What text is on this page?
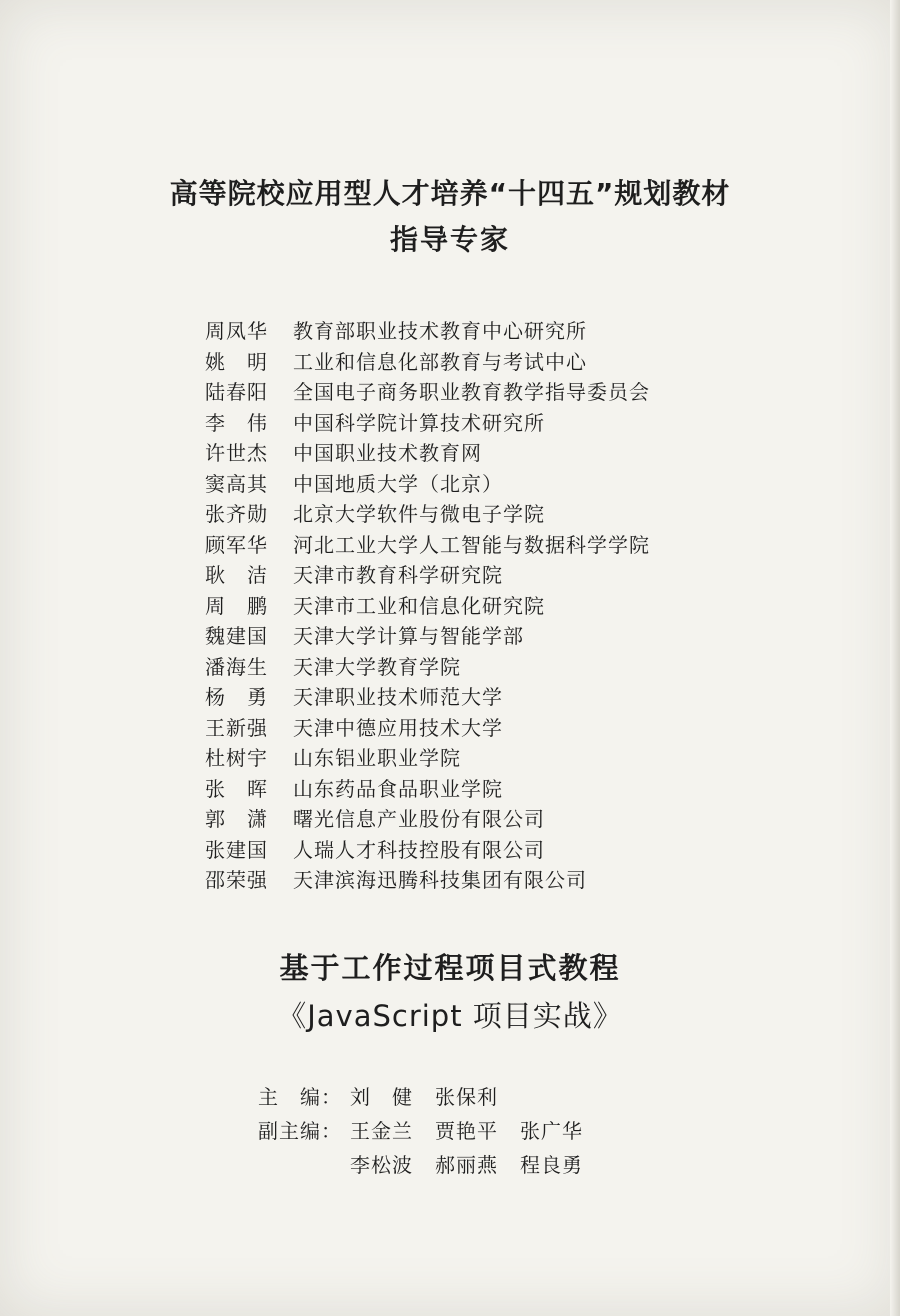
高等院校应用型人才培养“十四五”规划教材

指导专家

周凤华	教育部职业技术教育中心研究所
姚　明	工业和信息化部教育与考试中心
陆春阳	全国电子商务职业教育教学指导委员会
李　伟	中国科学院计算技术研究所
许世杰	中国职业技术教育网
窦高其	中国地质大学（北京）
张齐勋	北京大学软件与微电子学院
顾军华	河北工业大学人工智能与数据科学学院
耿　洁	天津市教育科学研究院
周　鹏	天津市工业和信息化研究院
魏建国	天津大学计算与智能学部
潘海生	天津大学教育学院
杨　勇	天津职业技术师范大学
王新强	天津中德应用技术大学
杜树宇	山东铝业职业学院
张　晖	山东药品食品职业学院
郭　潇	曙光信息产业股份有限公司
张建国	人瑞人才科技控股有限公司
邵荣强	天津滨海迅腾科技集团有限公司

基于工作过程项目式教程

《JavaScript 项目实战》

主　编： 刘　健 张保利
副主编： 王金兰 贾艳平 张广华
李松波 郝丽燕 程良勇
